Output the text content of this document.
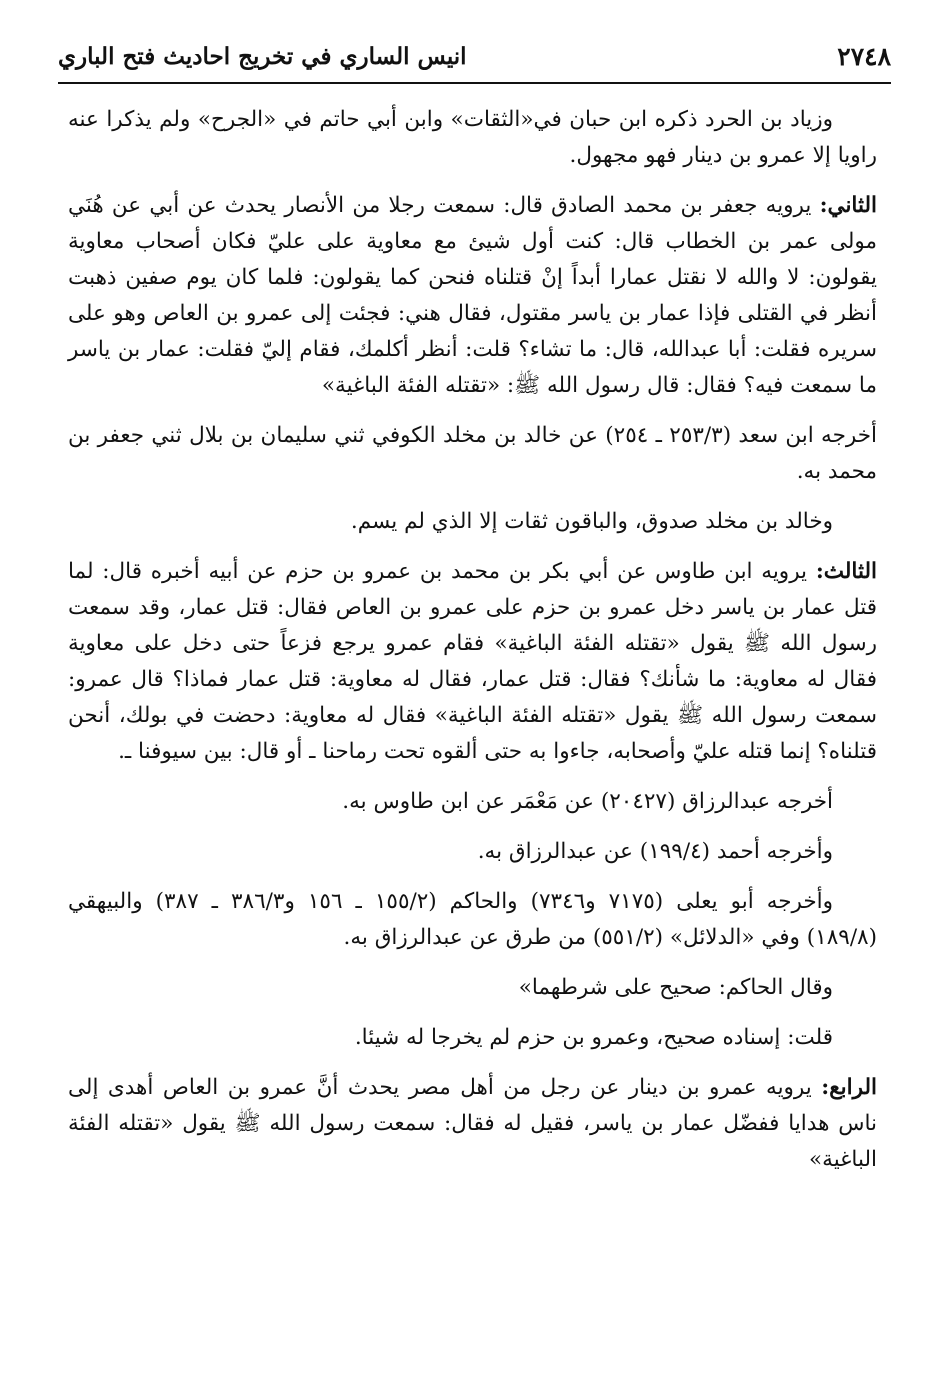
٢٧٤٨
انيس الساري في تخريج احاديث فتح الباري

وزياد بن الحرد ذكره ابن حبان في«الثقات» وابن أبي حاتم في «الجرح» ولم يذكرا عنه راويا إلا عمرو بن دينار فهو مجهول.

الثاني: يرويه جعفر بن محمد الصادق قال: سمعت رجلا من الأنصار يحدث عن أبي عن هُنَي مولى عمر بن الخطاب قال: كنت أول شيئ مع معاوية على عليّ فكان أصحاب معاوية يقولون: لا والله لا نقتل عمارا أبداً إنْ قتلناه فنحن كما يقولون: فلما كان يوم صفين ذهبت أنظر في القتلى فإذا عمار بن ياسر مقتول، فقال هني: فجئت إلى عمرو بن العاص وهو على سريره فقلت: أبا عبدالله، قال: ما تشاء؟ قلت: أنظر أكلمك، فقام إليّ فقلت: عمار بن ياسر ما سمعت فيه؟ فقال: قال رسول الله ﷺ: «تقتله الفئة الباغية»

أخرجه ابن سعد (٢٥٣/٣ ـ ٢٥٤) عن خالد بن مخلد الكوفي ثني سليمان بن بلال ثني جعفر بن محمد به.

وخالد بن مخلد صدوق، والباقون ثقات إلا الذي لم يسم.

الثالث: يرويه ابن طاوس عن أبي بكر بن محمد بن عمرو بن حزم عن أبيه أخبره قال: لما قتل عمار بن ياسر دخل عمرو بن حزم على عمرو بن العاص فقال: قتل عمار، وقد سمعت رسول الله ﷺ يقول «تقتله الفئة الباغية» فقام عمرو يرجع فزعاً حتى دخل على معاوية فقال له معاوية: ما شأنك؟ فقال: قتل عمار، فقال له معاوية: قتل عمار فماذا؟ قال عمرو: سمعت رسول الله ﷺ يقول «تقتله الفئة الباغية» فقال له معاوية: دحضت في بولك، أنحن قتلناه؟ إنما قتله عليّ وأصحابه، جاءوا به حتى ألقوه تحت رماحنا ـ أو قال: بين سيوفنا ـ.

أخرجه عبدالرزاق (٢٠٤٢٧) عن مَعْمَر عن ابن طاوس به.

وأخرجه أحمد (١٩٩/٤) عن عبدالرزاق به.

وأخرجه أبو يعلى (٧١٧٥ و٧٣٤٦) والحاكم (١٥٥/٢ ـ ١٥٦ و٣٨٦/٣ ـ ٣٨٧) والبيهقي (١٨٩/٨) وفي «الدلائل» (٥٥١/٢) من طرق عن عبدالرزاق به.

وقال الحاكم: صحيح على شرطهما»

قلت: إسناده صحيح، وعمرو بن حزم لم يخرجا له شيئا.

الرابع: يرويه عمرو بن دينار عن رجل من أهل مصر يحدث أنَّ عمرو بن العاص أهدى إلى ناس هدايا ففضّل عمار بن ياسر، فقيل له فقال: سمعت رسول الله ﷺ يقول «تقتله الفئة الباغية»
